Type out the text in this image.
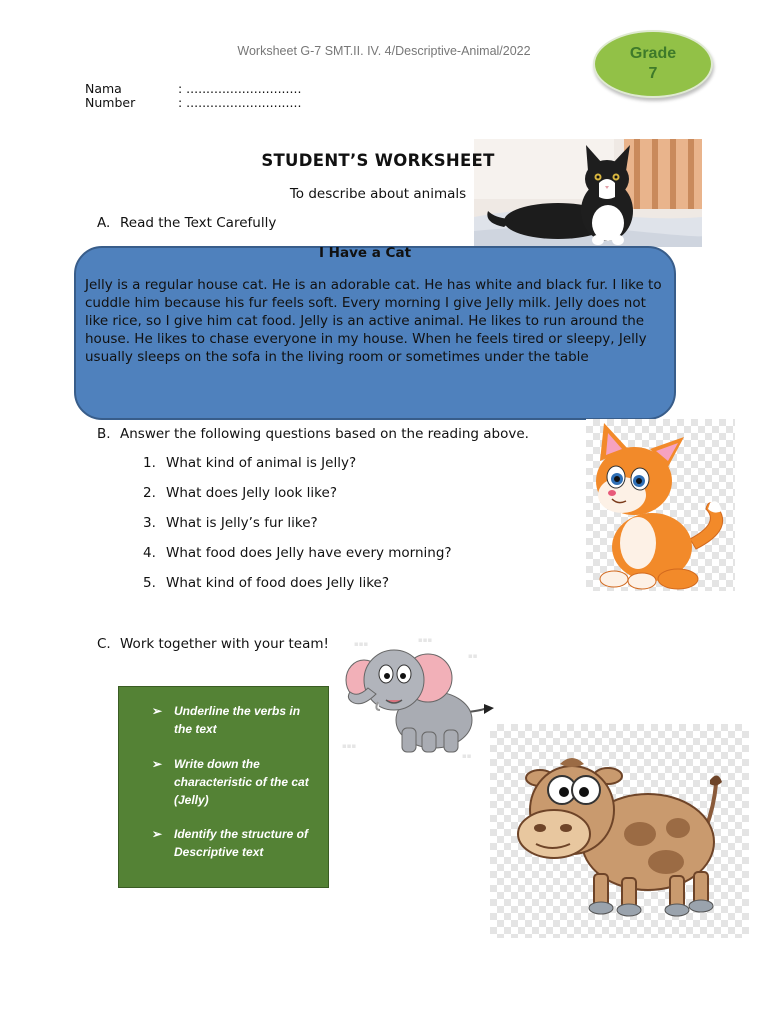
Worksheet G-7 SMT.II. IV. 4/Descriptive-Animal/2022	Grade
7
Nama	: .............................
Number	: .............................
STUDENT’S WORKSHEET
To describe about animals
A. Read the Text Carefully
I Have a Cat
Jelly is a regular house cat. He is an adorable cat. He has white and black fur. I like to cuddle him because his fur feels soft. Every morning I give Jelly milk. Jelly does not like rice, so I give him cat food. Jelly is an active animal. He likes to run around the house. He likes to chase everyone in my house. When he feels tired or sleepy, Jelly usually sleeps on the sofa in the living room or sometimes under the table
B. Answer the following questions based on the reading above.
1. What kind of animal is Jelly?
2. What does Jelly look like?
3. What is Jelly’s fur like?
4. What food does Jelly have every morning?
5. What kind of food does Jelly like?
C. Work together with your team!	▪▪▪	▪▪▪
▪▪
▪▪▪
▪▪
➢ Underline the verbs in the text
➢ Write down the characteristic of the cat (Jelly)
➢ Identify the structure of Descriptive text
